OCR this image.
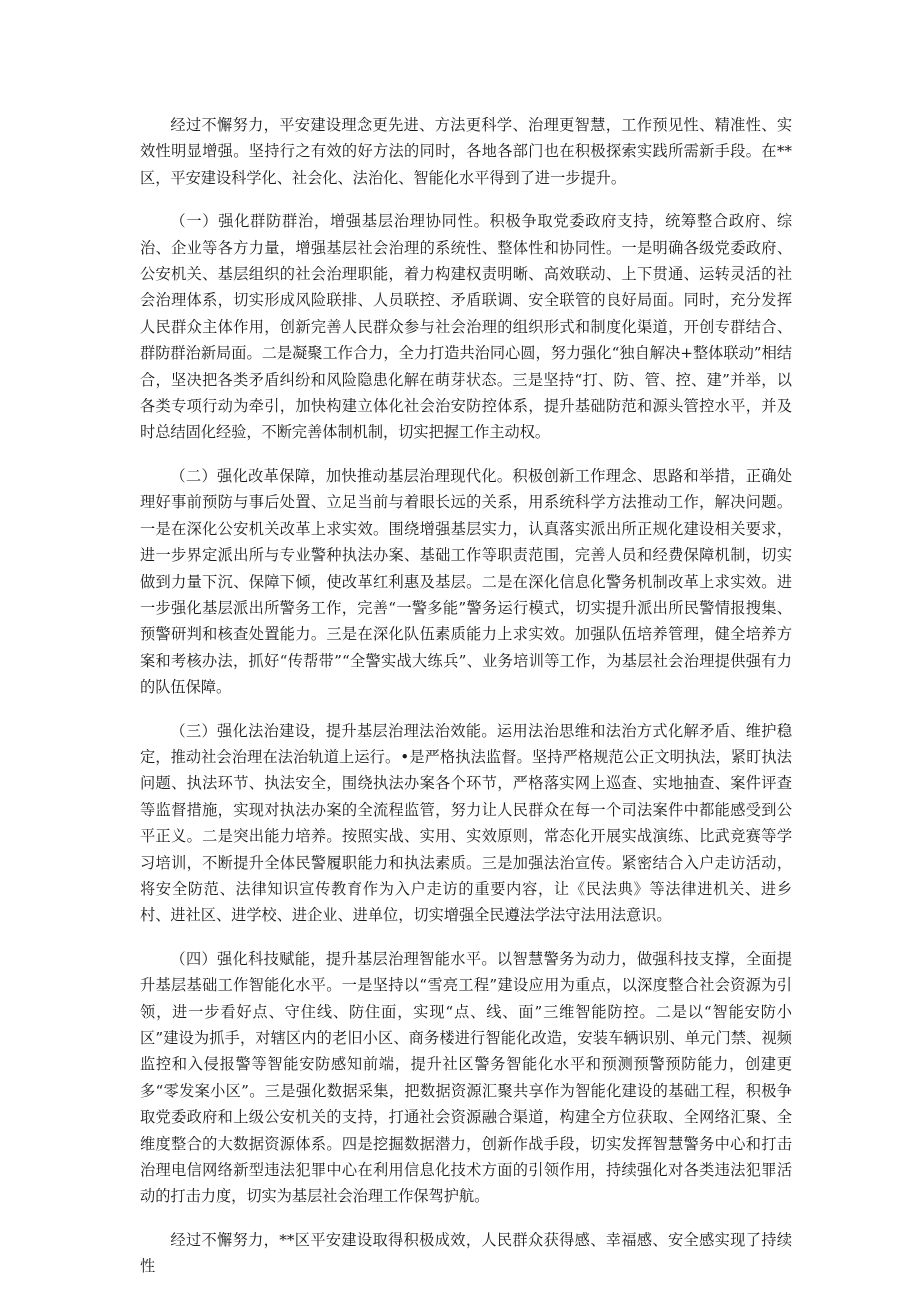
经过不懈努力，平安建设理念更先进、方法更科学、治理更智慧，工作预见性、精准性、实效性明显增强。坚持行之有效的好方法的同时，各地各部门也在积极探索实践所需新手段。在**区，平安建设科学化、社会化、法治化、智能化水平得到了进一步提升。

（一）强化群防群治，增强基层治理协同性。积极争取党委政府支持，统筹整合政府、综治、企业等各方力量，增强基层社会治理的系统性、整体性和协同性。一是明确各级党委政府、公安机关、基层组织的社会治理职能，着力构建权责明晰、高效联动、上下贯通、运转灵活的社会治理体系，切实形成风险联排、人员联控、矛盾联调、安全联管的良好局面。同时，充分发挥人民群众主体作用，创新完善人民群众参与社会治理的组织形式和制度化渠道，开创专群结合、群防群治新局面。二是凝聚工作合力，全力打造共治同心圆，努力强化“独自解决+整体联动”相结合，坚决把各类矛盾纠纷和风险隐患化解在萌芽状态。三是坚持“打、防、管、控、建”并举，以各类专项行动为牵引，加快构建立体化社会治安防控体系，提升基础防范和源头管控水平，并及时总结固化经验，不断完善体制机制，切实把握工作主动权。

（二）强化改革保障，加快推动基层治理现代化。积极创新工作理念、思路和举措，正确处理好事前预防与事后处置、立足当前与着眼长远的关系，用系统科学方法推动工作，解决问题。一是在深化公安机关改革上求实效。围绕增强基层实力，认真落实派出所正规化建设相关要求，进一步界定派出所与专业警种执法办案、基础工作等职责范围，完善人员和经费保障机制，切实做到力量下沉、保障下倾，使改革红利惠及基层。二是在深化信息化警务机制改革上求实效。进一步强化基层派出所警务工作，完善“一警多能”警务运行模式，切实提升派出所民警情报搜集、预警研判和核查处置能力。三是在深化队伍素质能力上求实效。加强队伍培养管理，健全培养方案和考核办法，抓好“传帮带”“全警实战大练兵”、业务培训等工作，为基层社会治理提供强有力的队伍保障。

（三）强化法治建设，提升基层治理法治效能。运用法治思维和法治方式化解矛盾、维护稳定，推动社会治理在法治轨道上运行。•是严格执法监督。坚持严格规范公正文明执法，紧盯执法问题、执法环节、执法安全，围绕执法办案各个环节，严格落实网上巡查、实地抽查、案件评查等监督措施，实现对执法办案的全流程监管，努力让人民群众在每一个司法案件中都能感受到公平正义。二是突出能力培养。按照实战、实用、实效原则，常态化开展实战演练、比武竞赛等学习培训，不断提升全体民警履职能力和执法素质。三是加强法治宣传。紧密结合入户走访活动，将安全防范、法律知识宣传教育作为入户走访的重要内容，让《民法典》等法律进机关、进乡村、进社区、进学校、进企业、进单位，切实增强全民遵法学法守法用法意识。

（四）强化科技赋能，提升基层治理智能水平。以智慧警务为动力，做强科技支撑，全面提升基层基础工作智能化水平。一是坚持以“雪亮工程”建设应用为重点，以深度整合社会资源为引领，进一步看好点、守住线、防住面，实现“点、线、面”三维智能防控。二是以“智能安防小区”建设为抓手，对辖区内的老旧小区、商务楼进行智能化改造，安装车辆识别、单元门禁、视频监控和入侵报警等智能安防感知前端，提升社区警务智能化水平和预测预警预防能力，创建更多“零发案小区”。三是强化数据采集，把数据资源汇聚共享作为智能化建设的基础工程，积极争取党委政府和上级公安机关的支持，打通社会资源融合渠道，构建全方位获取、全网络汇聚、全维度整合的大数据资源体系。四是挖掘数据潜力，创新作战手段，切实发挥智慧警务中心和打击治理电信网络新型违法犯罪中心在利用信息化技术方面的引领作用，持续强化对各类违法犯罪活动的打击力度，切实为基层社会治理工作保驾护航。

经过不懈努力，**区平安建设取得积极成效，人民群众获得感、幸福感、安全感实现了持续性
